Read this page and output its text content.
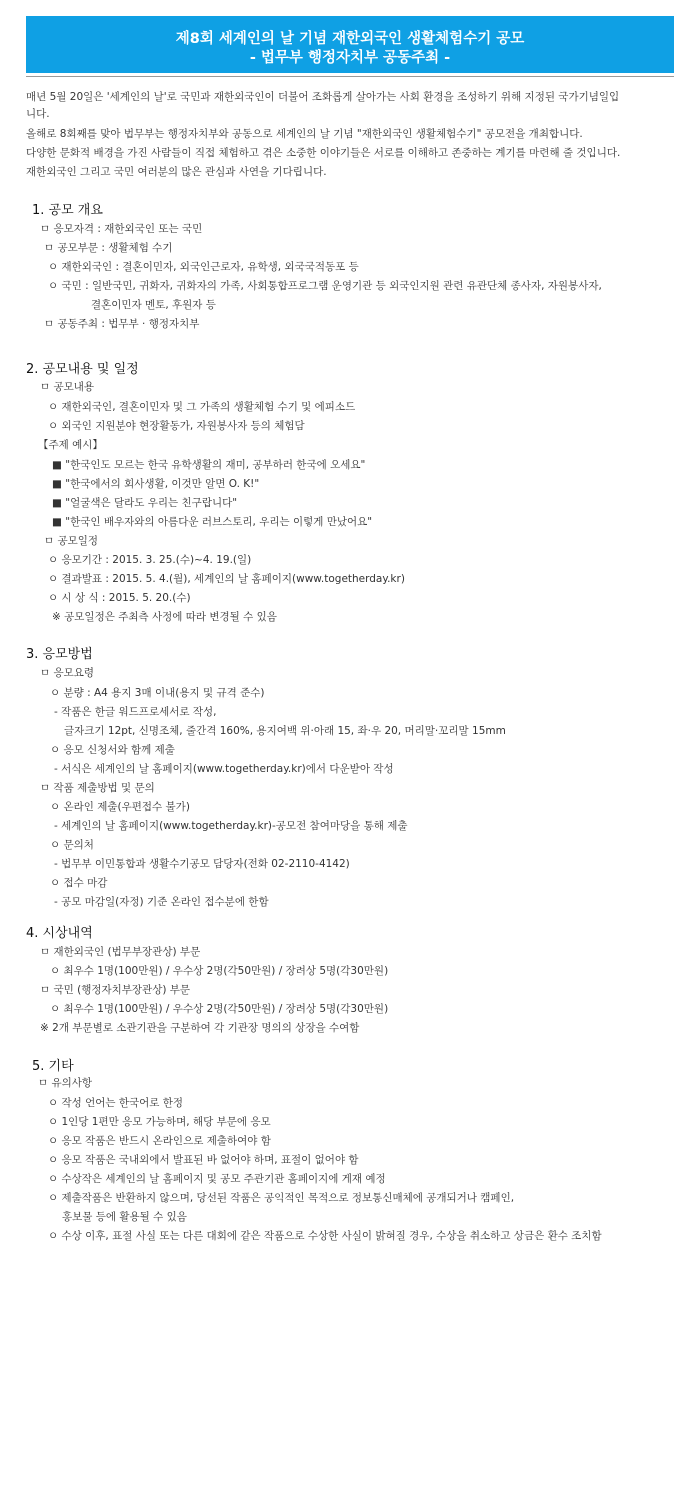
제8회 세계인의 날 기념 재한외국인 생활체험수기 공모
- 법무부 행정자치부 공동주최 -
매년 5월 20일은 '세계인의 날'로 국민과 재한외국인이 더불어 조화롭게 살아가는 사회 환경을 조성하기 위해 지정된 국가기념일입
니다.
올해로 8회째를 맞아 법무부는 행정자치부와 공동으로 세계인의 날 기념 "재한외국인 생활체험수기" 공모전을 개최합니다.
다양한 문화적 배경을 가진 사람들이 직접 체험하고 겪은 소중한 이야기들은 서로를 이해하고 존중하는 계기를 마련해 줄 것입니다.
재한외국인 그리고 국민 여러분의 많은 관심과 사연을 기다립니다.
1. 공모 개요
ㅁ 응모자격 : 재한외국인 또는 국민
ㅁ 공모부문 : 생활체험 수기
ㅇ 재한외국인 : 결혼이민자, 외국인근로자, 유학생, 외국국적동포 등
ㅇ 국민 : 일반국민, 귀화자, 귀화자의 가족, 사회통합프로그램 운영기관 등 외국인지원 관련 유관단체 종사자, 자원봉사자,
결혼이민자 멘토, 후원자 등
ㅁ 공동주최 : 법무부 · 행정자치부
2. 공모내용 및 일정
ㅁ 공모내용
ㅇ 재한외국인, 결혼이민자 및 그 가족의 생활체험 수기 및 에피소드
ㅇ 외국인 지원분야 현장활동가, 자원봉사자 등의 체험담
【주제 예시】
■ "한국인도 모르는 한국 유학생활의 재미, 공부하러 한국에 오세요"
■ "한국에서의 회사생활, 이것만 알면 O. K!"
■ "얼굴색은 달라도 우리는 친구랍니다"
■ "한국인 배우자와의 아름다운 러브스토리, 우리는 이렇게 만났어요"
ㅁ 공모일정
ㅇ 응모기간 : 2015. 3. 25.(수)~4. 19.(일)
ㅇ 결과발표 : 2015. 5. 4.(월), 세계인의 날 홈페이지(www.togetherday.kr)
ㅇ 시 상 식 : 2015. 5. 20.(수)
※ 공모일정은 주최측 사정에 따라 변경될 수 있음
3. 응모방법
ㅁ 응모요령
ㅇ 분량 : A4 용지 3매 이내(용지 및 규격 준수)
- 작품은 한글 워드프로세서로 작성,
글자크기 12pt, 신명조체, 줄간격 160%, 용지여백 위·아래 15, 좌·우 20, 머리말·꼬리말 15mm
ㅇ 응모 신청서와 함께 제출
- 서식은 세계인의 날 홈페이지(www.togetherday.kr)에서 다운받아 작성
ㅁ 작품 제출방법 및 문의
ㅇ 온라인 제출(우편접수 불가)
- 세계인의 날 홈페이지(www.togetherday.kr)-공모전 참여마당을 통해 제출
ㅇ 문의처
- 법무부 이민통합과 생활수기공모 담당자(전화 02-2110-4142)
ㅇ 접수 마감
- 공모 마감일(자정) 기준 온라인 접수분에 한함
4. 시상내역
ㅁ 재한외국인 (법무부장관상) 부문
ㅇ 최우수 1명(100만원) / 우수상 2명(각50만원) / 장려상 5명(각30만원)
ㅁ 국민 (행정자치부장관상) 부문
ㅇ 최우수 1명(100만원) / 우수상 2명(각50만원) / 장려상 5명(각30만원)
※ 2개 부문별로 소관기관을 구분하여 각 기관장 명의의 상장을 수여함
5. 기타
ㅁ 유의사항
ㅇ 작성 언어는 한국어로 한정
ㅇ 1인당 1편만 응모 가능하며, 해당 부문에 응모
ㅇ 응모 작품은 반드시 온라인으로 제출하여야 함
ㅇ 응모 작품은 국내외에서 발표된 바 없어야 하며, 표절이 없어야 함
ㅇ 수상작은 세계인의 날 홈페이지 및 공모 주관기관 홈페이지에 게재 예정
ㅇ 제출작품은 반환하지 않으며, 당선된 작품은 공익적인 목적으로 정보통신매체에 공개되거나 캠페인,
홍보물 등에 활용될 수 있음
ㅇ 수상 이후, 표절 사실 또는 다른 대회에 같은 작품으로 수상한 사실이 밝혀질 경우, 수상을 취소하고 상금은 환수 조치함
